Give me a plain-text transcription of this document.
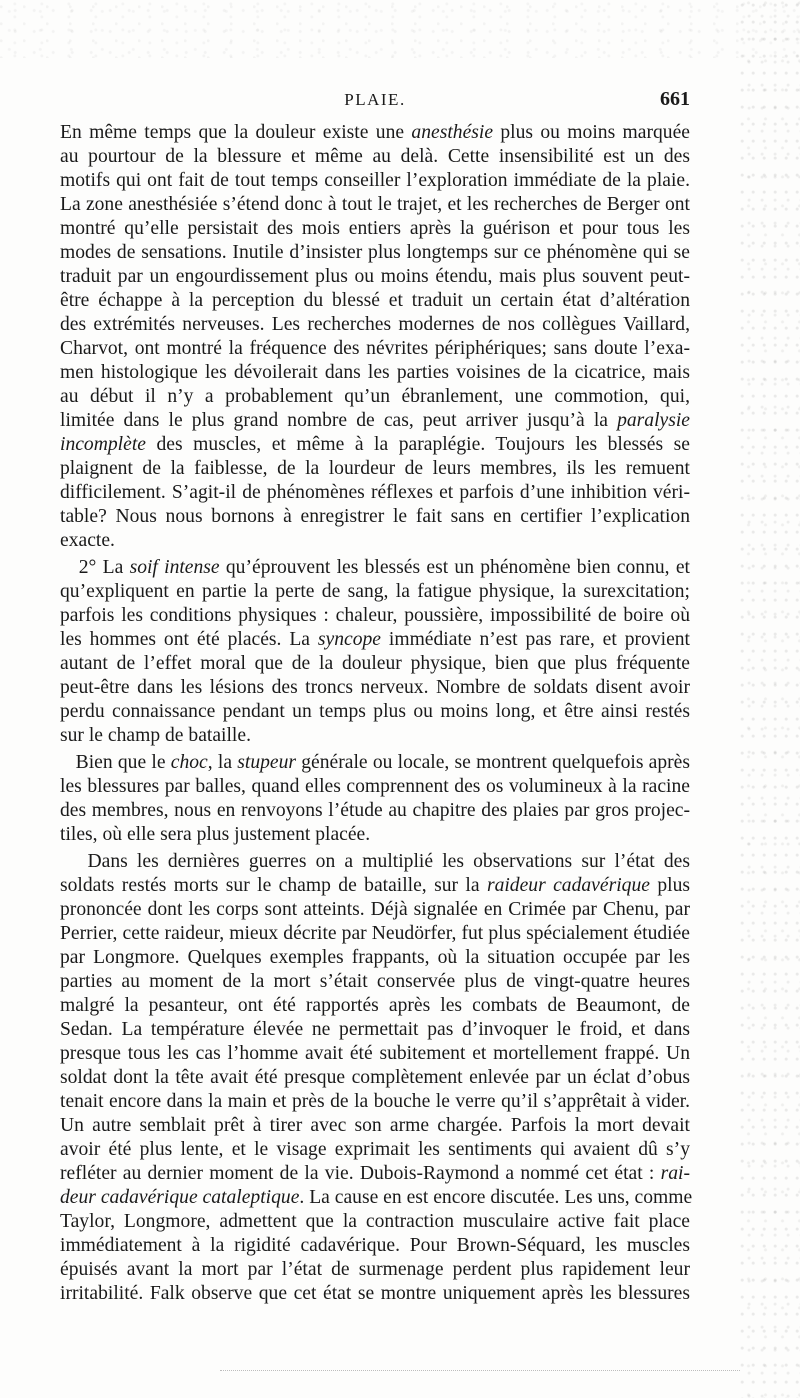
PLAIE.	661

En même temps que la douleur existe une anesthésie plus ou moins marquée
au pourtour de la blessure et même au delà. Cette insensibilité est un des
motifs qui ont fait de tout temps conseiller l’exploration immédiate de la plaie.
La zone anesthésiée s’étend donc à tout le trajet, et les recherches de Berger ont
montré qu’elle persistait des mois entiers après la guérison et pour tous les
modes de sensations. Inutile d’insister plus longtemps sur ce phénomène qui se
traduit par un engourdissement plus ou moins étendu, mais plus souvent peut-
être échappe à la perception du blessé et traduit un certain état d’altération
des extrémités nerveuses. Les recherches modernes de nos collègues Vaillard,
Charvot, ont montré la fréquence des névrites périphériques; sans doute l’exa-
men histologique les dévoilerait dans les parties voisines de la cicatrice, mais
au début il n’y a probablement qu’un ébranlement, une commotion, qui,
limitée dans le plus grand nombre de cas, peut arriver jusqu’à la paralysie
incomplète des muscles, et même à la paraplégie. Toujours les blessés se
plaignent de la faiblesse, de la lourdeur de leurs membres, ils les remuent
difficilement. S’agit-il de phénomènes réflexes et parfois d’une inhibition véri-
table? Nous nous bornons à enregistrer le fait sans en certifier l’explication
exacte.

2° La soif intense qu’éprouvent les blessés est un phénomène bien connu, et
qu’expliquent en partie la perte de sang, la fatigue physique, la surexcitation;
parfois les conditions physiques : chaleur, poussière, impossibilité de boire où
les hommes ont été placés. La syncope immédiate n’est pas rare, et provient
autant de l’effet moral que de la douleur physique, bien que plus fréquente
peut-être dans les lésions des troncs nerveux. Nombre de soldats disent avoir
perdu connaissance pendant un temps plus ou moins long, et être ainsi restés
sur le champ de bataille.

Bien que le choc, la stupeur générale ou locale, se montrent quelquefois après
les blessures par balles, quand elles comprennent des os volumineux à la racine
des membres, nous en renvoyons l’étude au chapitre des plaies par gros projec-
tiles, où elle sera plus justement placée.

Dans les dernières guerres on a multiplié les observations sur l’état des
soldats restés morts sur le champ de bataille, sur la raideur cadavérique plus
prononcée dont les corps sont atteints. Déjà signalée en Crimée par Chenu, par
Perrier, cette raideur, mieux décrite par Neudörfer, fut plus spécialement étudiée
par Longmore. Quelques exemples frappants, où la situation occupée par les
parties au moment de la mort s’était conservée plus de vingt-quatre heures
malgré la pesanteur, ont été rapportés après les combats de Beaumont, de
Sedan. La température élevée ne permettait pas d’invoquer le froid, et dans
presque tous les cas l’homme avait été subitement et mortellement frappé. Un
soldat dont la tête avait été presque complètement enlevée par un éclat d’obus
tenait encore dans la main et près de la bouche le verre qu’il s’apprêtait à vider.
Un autre semblait prêt à tirer avec son arme chargée. Parfois la mort devait
avoir été plus lente, et le visage exprimait les sentiments qui avaient dû s’y
refléter au dernier moment de la vie. Dubois-Raymond a nommé cet état : rai-
deur cadavérique cataleptique. La cause en est encore discutée. Les uns, comme
Taylor, Longmore, admettent que la contraction musculaire active fait place
immédiatement à la rigidité cadavérique. Pour Brown-Séquard, les muscles
épuisés avant la mort par l’état de surmenage perdent plus rapidement leur
irritabilité. Falk observe que cet état se montre uniquement après les blessures
